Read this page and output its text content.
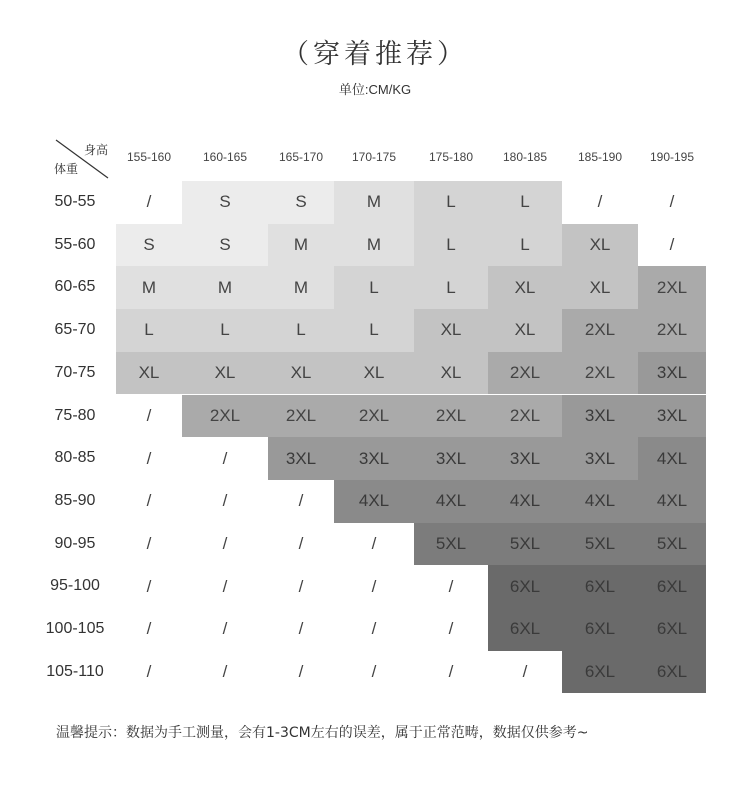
（穿着推荐）
单位:CM/KG
身高
体重
155-160	160-165	165-170	170-175	175-180	180-185	185-190	190-195
50-55	/	S	S	M	L	L	/	/
55-60	S	S	M	M	L	L	XL	/
60-65	M	M	M	L	L	XL	XL	2XL
65-70	L	L	L	L	XL	XL	2XL	2XL
70-75	XL	XL	XL	XL	XL	2XL	2XL	3XL
75-80	/	2XL	2XL	2XL	2XL	2XL	3XL	3XL
80-85	/	/	3XL	3XL	3XL	3XL	3XL	4XL
85-90	/	/	/	4XL	4XL	4XL	4XL	4XL
90-95	/	/	/	/	5XL	5XL	5XL	5XL
95-100	/	/	/	/	/	6XL	6XL	6XL
100-105	/	/	/	/	/	6XL	6XL	6XL
105-110	/	/	/	/	/	/	6XL	6XL
温馨提示：数据为手工测量，会有1-3CM左右的误差，属于正常范畴，数据仅供参考~
